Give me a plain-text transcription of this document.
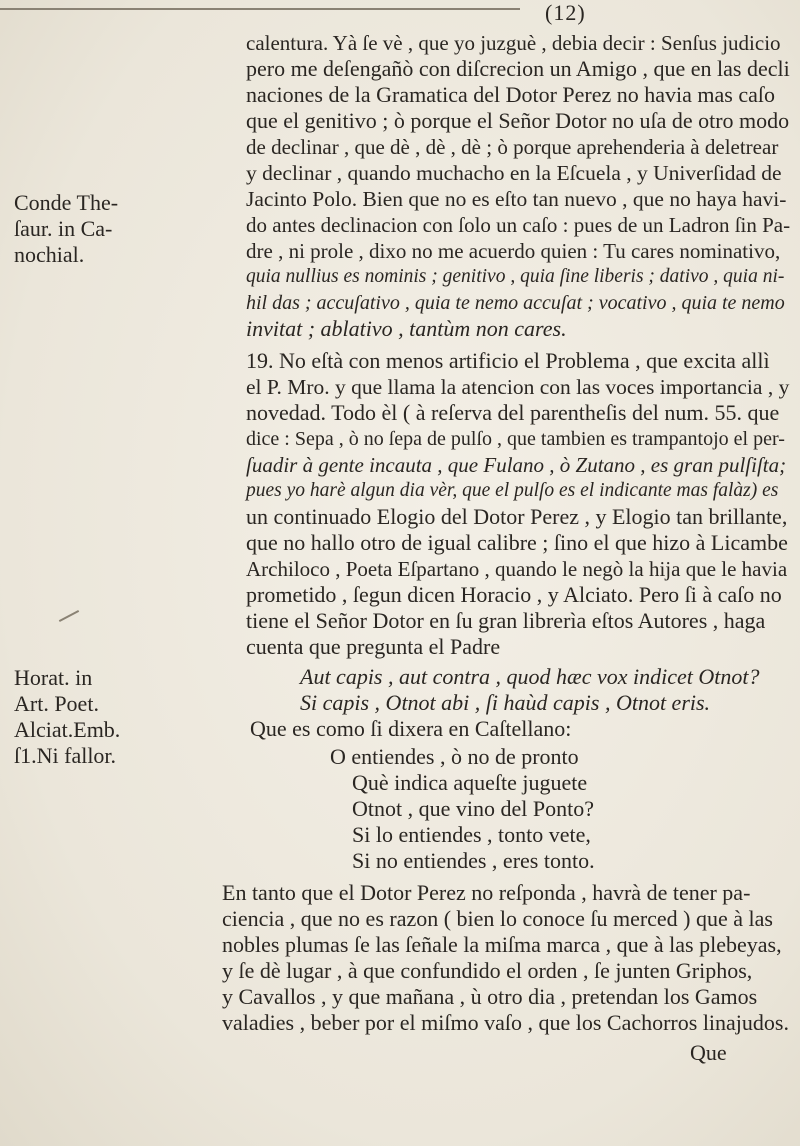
(12)
Conde The-
ſaur. in Ca-
nochial.
Horat. in
Art. Poet.
Alciat.Emb.
ſ1.Ni fallor.
calentura. Yà ſe vè , que yo juzguè , debia decir : Senſus judicio
pero me deſengañò con diſcrecion un Amigo , que en las decli
naciones de la Gramatica del Dotor Perez no havia mas caſo
que el genitivo ; ò porque el Señor Dotor no uſa de otro modo
de declinar , que dè , dè , dè ; ò porque aprehenderia à deletrear
y declinar , quando muchacho en la Eſcuela , y Univerſidad de
Jacinto Polo. Bien que no es eſto tan nuevo , que no haya havi-
do antes declinacion con ſolo un caſo : pues de un Ladron ſin Pa-
dre , ni prole , dixo no me acuerdo quien : Tu cares nominativo,
quia nullius es nominis ; genitivo , quia ſine liberis ; dativo , quia ni-
hil das ; accuſativo , quia te nemo accuſat ; vocativo , quia te nemo
invitat ; ablativo , tantùm non cares.
19. No eſtà con menos artificio el Problema , que excita allì
el P. Mro. y que llama la atencion con las voces importancia , y
novedad. Todo èl ( à reſerva del parentheſis del num. 55. que
dice : Sepa , ò no ſepa de pulſo , que tambien es trampantojo el per-
ſuadir à gente incauta , que Fulano , ò Zutano , es gran pulſiſta;
pues yo harè algun dia vèr, que el pulſo es el indicante mas falàz) es
un continuado Elogio del Dotor Perez , y Elogio tan brillante,
que no hallo otro de igual calibre ; ſino el que hizo à Licambe
Archiloco , Poeta Eſpartano , quando le negò la hija que le havia
prometido , ſegun dicen Horacio , y Alciato. Pero ſi à caſo no
tiene el Señor Dotor en ſu gran librerìa eſtos Autores , haga
cuenta que pregunta el Padre
Aut capis , aut contra , quod hæc vox indicet Otnot?
Si capis , Otnot abi , ſi haùd capis , Otnot eris.
Que es como ſi dixera en Caſtellano:
O entiendes , ò no de pronto
Què indica aqueſte juguete
Otnot , que vino del Ponto?
Si lo entiendes , tonto vete,
Si no entiendes , eres tonto.
En tanto que el Dotor Perez no reſponda , havrà de tener pa-
ciencia , que no es razon ( bien lo conoce ſu merced ) que à las
nobles plumas ſe las ſeñale la miſma marca , que à las plebeyas,
y ſe dè lugar , à que confundido el orden , ſe junten Griphos,
y Cavallos , y que mañana , ù otro dia , pretendan los Gamos
valadies , beber por el miſmo vaſo , que los Cachorros linajudos.
Que
